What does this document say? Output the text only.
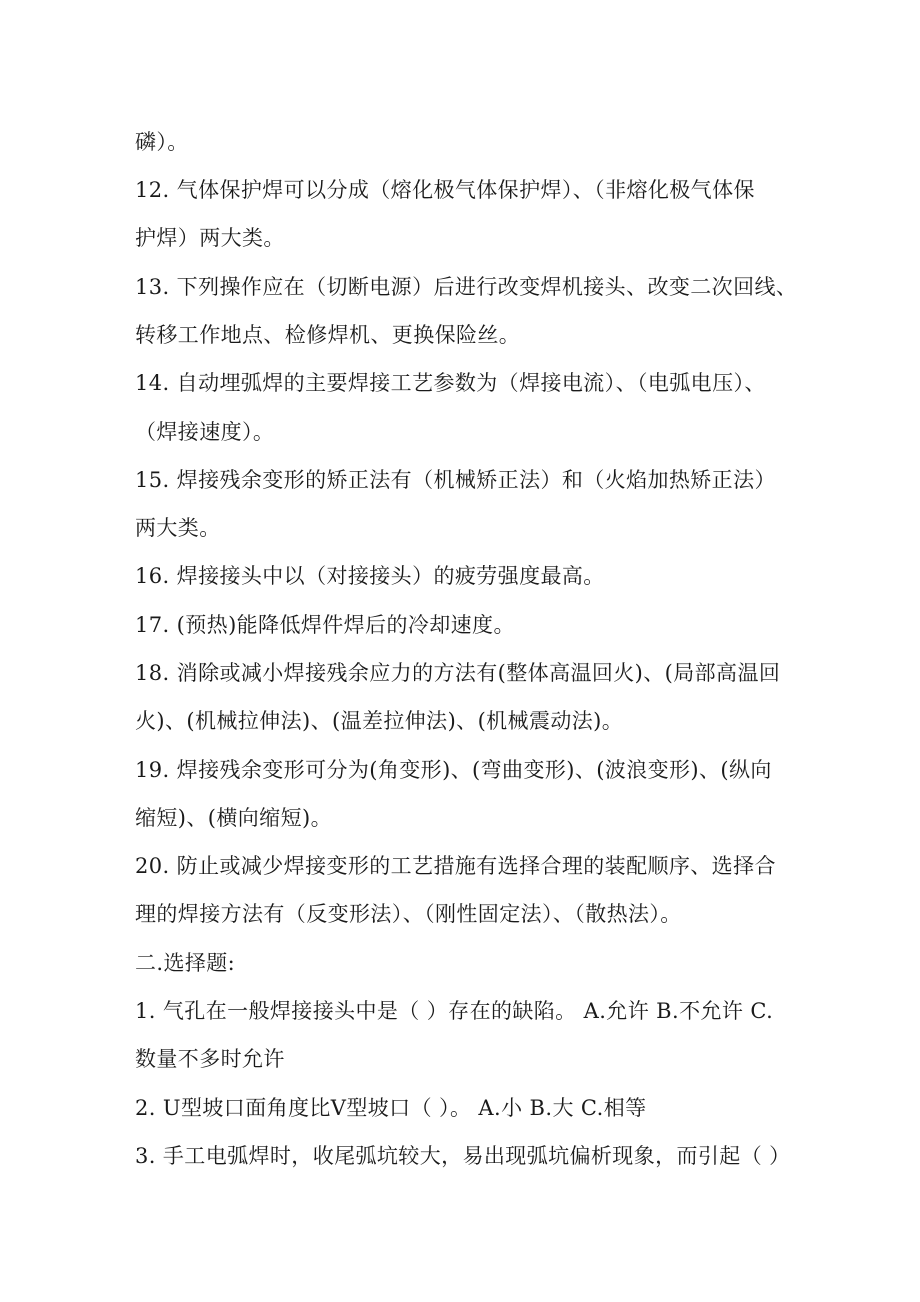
磷）。
12. 气体保护焊可以分成（熔化极气体保护焊）、（非熔化极气体保
护焊）两大类。
13. 下列操作应在（切断电源）后进行改变焊机接头、改变二次回线、
转移工作地点、检修焊机、更换保险丝。
14. 自动埋弧焊的主要焊接工艺参数为（焊接电流）、（电弧电压）、
（焊接速度）。
15. 焊接残余变形的矫正法有（机械矫正法）和（火焰加热矫正法）
两大类。
16. 焊接接头中以（对接接头）的疲劳强度最高。
17. (预热)能降低焊件焊后的冷却速度。
18. 消除或减小焊接残余应力的方法有(整体高温回火)、(局部高温回
火)、(机械拉伸法)、(温差拉伸法)、(机械震动法)。
19. 焊接残余变形可分为(角变形)、(弯曲变形)、(波浪变形)、(纵向
缩短)、(横向缩短)。
20. 防止或减少焊接变形的工艺措施有选择合理的装配顺序、选择合
理的焊接方法有（反变形法）、（刚性固定法）、（散热法）。
二.选择题:
1. 气孔在一般焊接接头中是（ ）存在的缺陷。 A.允许 B.不允许 C.
数量不多时允许
2. U型坡口面角度比V型坡口（ ）。 A.小 B.大 C.相等
3. 手工电弧焊时，收尾弧坑较大，易出现弧坑偏析现象，而引起（ ）
